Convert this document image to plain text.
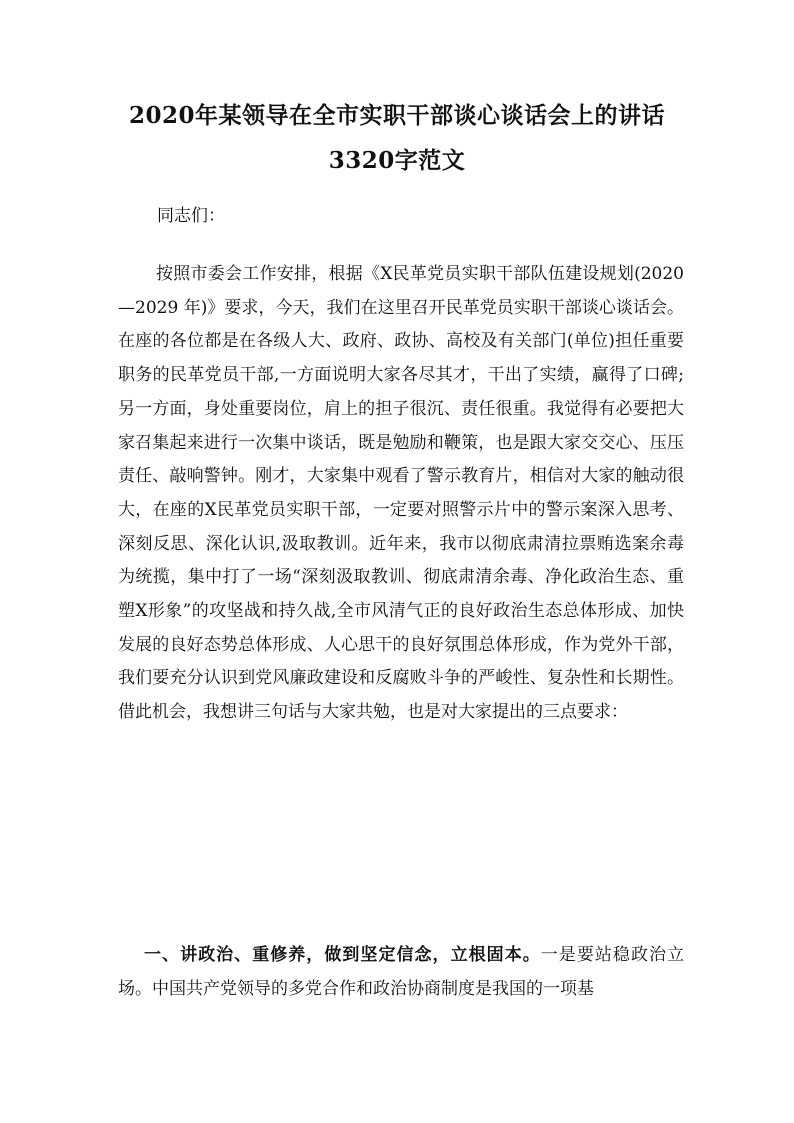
2020年某领导在全市实职干部谈心谈话会上的讲话
3320字范文

同志们：

按照市委会工作安排，根据《X民革党员实职干部队伍建设规划(2020—2029 年)》要求，今天，我们在这里召开民革党员实职干部谈心谈话会。在座的各位都是在各级人大、政府、政协、高校及有关部门(单位)担任重要职务的民革党员干部,一方面说明大家各尽其才，干出了实绩，赢得了口碑;另一方面，身处重要岗位，肩上的担子很沉、责任很重。我觉得有必要把大家召集起来进行一次集中谈话，既是勉励和鞭策，也是跟大家交交心、压压责任、敲响警钟。刚才，大家集中观看了警示教育片，相信对大家的触动很大，在座的X民革党员实职干部，一定要对照警示片中的警示案深入思考、深刻反思、深化认识,汲取教训。近年来，我市以彻底肃清拉票贿选案余毒为统揽，集中打了一场“深刻汲取教训、彻底肃清余毒、净化政治生态、重塑X形象”的攻坚战和持久战,全市风清气正的良好政治生态总体形成、加快发展的良好态势总体形成、人心思干的良好氛围总体形成，作为党外干部，我们要充分认识到党风廉政建设和反腐败斗争的严峻性、复杂性和长期性。借此机会，我想讲三句话与大家共勉，也是对大家提出的三点要求：

一、讲政治、重修养，做到坚定信念，立根固本。一是要站稳政治立场。中国共产党领导的多党合作和政治协商制度是我国的一项基
